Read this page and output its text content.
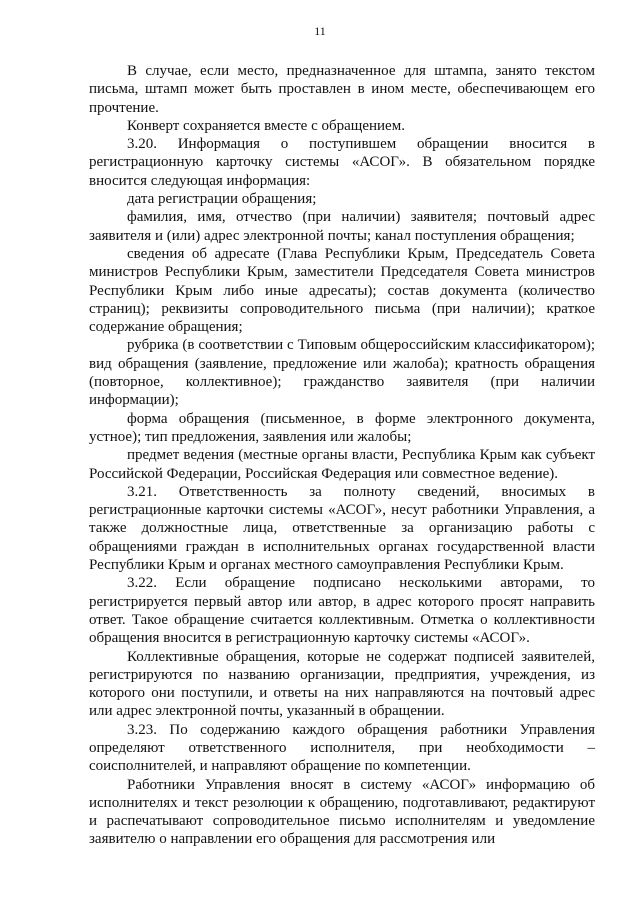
11

В случае, если место, предназначенное для штампа, занято текстом письма, штамп может быть проставлен в ином месте, обеспечивающем его прочтение.

Конверт сохраняется вместе с обращением.

3.20. Информация о поступившем обращении вносится в регистрационную карточку системы «АСОГ». В обязательном порядке вносится следующая информация:

дата регистрации обращения;

фамилия, имя, отчество (при наличии) заявителя; почтовый адрес заявителя и (или) адрес электронной почты; канал поступления обращения;

сведения об адресате (Глава Республики Крым, Председатель Совета министров Республики Крым, заместители Председателя Совета министров Республики Крым либо иные адресаты); состав документа (количество страниц); реквизиты сопроводительного письма (при наличии); краткое содержание обращения;

рубрика (в соответствии с Типовым общероссийским классификатором); вид обращения (заявление, предложение или жалоба); кратность обращения (повторное, коллективное); гражданство заявителя (при наличии информации);

форма обращения (письменное, в форме электронного документа, устное); тип предложения, заявления или жалобы;

предмет ведения (местные органы власти, Республика Крым как субъект Российской Федерации, Российская Федерация или совместное ведение).

3.21. Ответственность за полноту сведений, вносимых в регистрационные карточки системы «АСОГ», несут работники Управления, а также должностные лица, ответственные за организацию работы с обращениями граждан в исполнительных органах государственной власти Республики Крым и органах местного самоуправления Республики Крым.

3.22. Если обращение подписано несколькими авторами, то регистрируется первый автор или автор, в адрес которого просят направить ответ. Такое обращение считается коллективным. Отметка о коллективности обращения вносится в регистрационную карточку системы «АСОГ».

Коллективные обращения, которые не содержат подписей заявителей, регистрируются по названию организации, предприятия, учреждения, из которого они поступили, и ответы на них направляются на почтовый адрес или адрес электронной почты, указанный в обращении.

3.23. По содержанию каждого обращения работники Управления определяют ответственного исполнителя, при необходимости – соисполнителей, и направляют обращение по компетенции.

Работники Управления вносят в систему «АСОГ» информацию об исполнителях и текст резолюции к обращению, подготавливают, редактируют и распечатывают сопроводительное письмо исполнителям и уведомление заявителю о направлении его обращения для рассмотрения или
